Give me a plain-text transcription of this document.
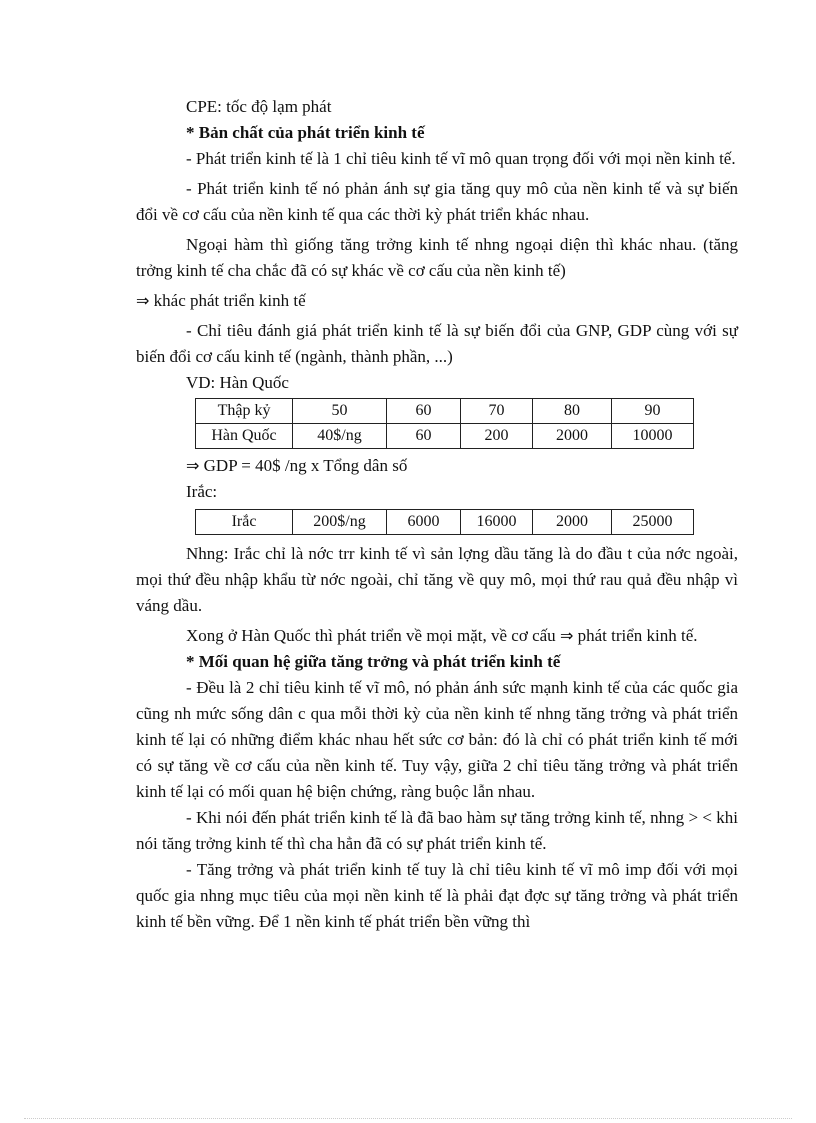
CPE: tốc độ lạm phát

* Bản chất của phát triển kinh tế

- Phát triển kinh tế là 1 chỉ tiêu kinh tế vĩ mô quan trọng đối với mọi nền kinh tế.

- Phát triển kinh tế nó phản ánh sự gia tăng quy mô của nền kinh tế và sự biến đổi về cơ cấu của nền kinh tế qua các thời kỳ phát triển khác nhau.

Ngoại hàm thì giống tăng trởng kinh tế nhng ngoại diện thì khác nhau. (tăng trởng kinh tế cha chắc đã có sự khác về cơ cấu của nền kinh tế)

⇒ khác phát triển kinh tế

- Chỉ tiêu đánh giá phát triển kinh tế là sự biến đổi của GNP, GDP cùng với sự biến đổi cơ cấu kinh tế (ngành, thành phần, ...)

VD: Hàn Quốc

Thập kỷ	50	60	70	80	90
Hàn Quốc	40$/ng	60	200	2000	10000

⇒ GDP = 40$ /ng x Tổng dân số

Irắc:

Irắc	200$/ng	6000	16000	2000	25000

Nhng: Irắc chỉ là nớc trr kinh tế vì sản lợng dầu tăng là do đầu t của nớc ngoài, mọi thứ đều nhập khẩu từ nớc ngoài, chỉ tăng về quy mô, mọi thứ rau quả đều nhập vì váng dầu.

Xong ở Hàn Quốc thì phát triển về mọi mặt, về cơ cấu ⇒ phát triển kinh tế.

* Mối quan hệ giữa tăng trởng và phát triển kinh tế

- Đều là 2 chỉ tiêu kinh tế vĩ mô, nó phản ánh sức mạnh kinh tế của các quốc gia cũng nh mức sống dân c qua mỗi thời kỳ của nền kinh tế nhng tăng trởng và phát triển kinh tế lại có những điểm khác nhau hết sức cơ bản: đó là chỉ có phát triển kinh tế mới có sự tăng về cơ cấu của nền kinh tế. Tuy vậy, giữa 2 chỉ tiêu tăng trởng và phát triển kinh tế lại có mối quan hệ biện chứng, ràng buộc lẫn nhau.

- Khi nói đến phát triển kinh tế là đã bao hàm sự tăng trởng kinh tế, nhng > < khi nói tăng trởng kinh tế thì cha hẳn đã có sự phát triển kinh tế.

- Tăng trởng và phát triển kinh tế tuy là chỉ tiêu kinh tế vĩ mô imp đối với mọi quốc gia nhng mục tiêu của mọi nền kinh tế là phải đạt đợc sự tăng trởng và phát triển kinh tế bền vững. Để 1 nền kinh tế phát triển bền vững thì
